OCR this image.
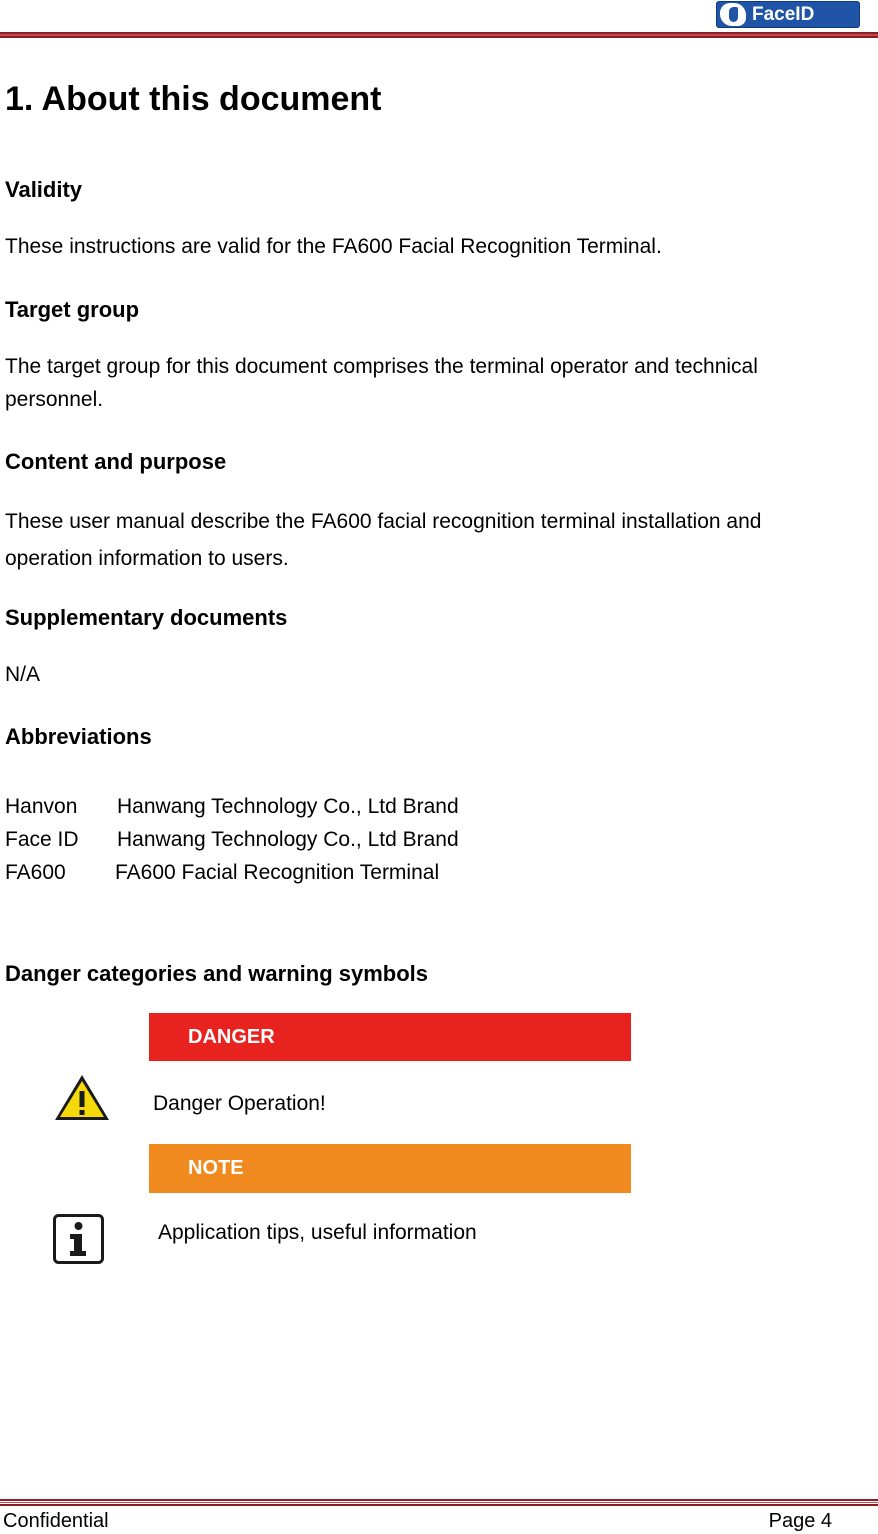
FaceID
1. About this document
Validity
These instructions are valid for the FA600 Facial Recognition Terminal.
Target group
The target group for this document comprises the terminal operator and technical personnel.
Content and purpose
These user manual describe the FA600 facial recognition terminal installation and operation information to users.
Supplementary documents
N/A
Abbreviations
Hanvon Hanwang Technology Co., Ltd Brand
Face ID Hanwang Technology Co., Ltd Brand
FA600 FA600 Facial Recognition Terminal
Danger categories and warning symbols
DANGER
Danger Operation!
NOTE
Application tips, useful information
Confidential	Page 4
